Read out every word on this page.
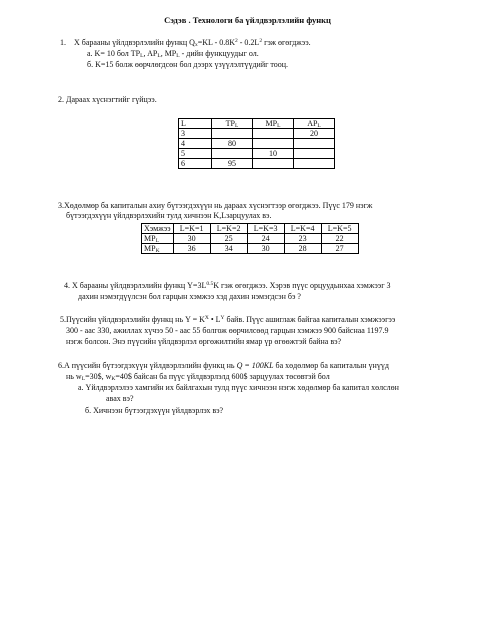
Сэдэв . Технологи ба үйлдвэрлэлийн функц
1. Х барааны үйлдвэрлэлийн функц $Q_x=KL - 0.8K^2 - 0.2L^2$ гэж өгөгджээ.
a. K= 10 бол $TP_L$, $AP_L$, $MP_L$ - дийн функцуудыг ол.
б. K=15 болж өөрчлөгдсөн бол дээрх үзүүлэлтүүдийг тооц.
2. Дараах хүснэгтийг гүйцээ.
L	$TP_L$	$MP_L$	$AP_L$
3			20
4	80		
5		10	
6	95		
3.Хөдөлмөр ба капиталын ахиу бүтээгдэхүүн нь дараах хүснэгтээр өгөгджээ. Пүүс 179 нэгж
бүтээгдэхүүн үйлдвэрлэхийн тулд хичнээн K,Lзарцуулах вэ.
Хэмжээ	L=K=1	L=K=2	L=K=3	L=K=4	L=K=5
$MP_L$	30	25	24	23	22
$MP_K$	36	34	30	28	27
4. Х барааны үйлдвэрлэлийн функц $Y=3L^{0.5}K$ гэж өгөгджээ. Хэрэв пүүс орцуудынхаа хэмжээг 3
дахин нэмэгдүүлсэн бол гарцын хэмжээ хэд дахин нэмэгдсэн бэ ?
5.Пүүсийн үйлдвэрлэлийн функц нь $Y = K^X$ • $L^Y$ байв. Пүүс ашиглаж байгаа капиталын хэмжээгээ
300 - аас 330, ажиллах хүчээ 50 - аас 55 болгож өөрчилсөөд гарцын хэмжээ 900 байснаа 1197.9
нэгж болсон. Энэ пүүсийн үйлдвэрлэл өргөжилтийн ямар үр өгөөжтэй байна вэ?
6.А пүүсийн бүтээгдэхүүн үйлдвэрлэлийн функц нь Q = 100KL ба хөдөлмөр ба капиталын үнүүд
нь $w_L=30\$$, $w_K=40\$$ байсан ба пүүс үйлдвэрлэлд 600$ зарцуулах төсөвтэй бол
a. Үйлдвэрлэлээ хамгийн их байлгахын тулд пүүс хичнээн нэгж хөдөлмөр ба капитал хөлслөн
авах вэ?
б. Хичнээн бүтээгдэхүүн үйлдвэрлэх вэ?
